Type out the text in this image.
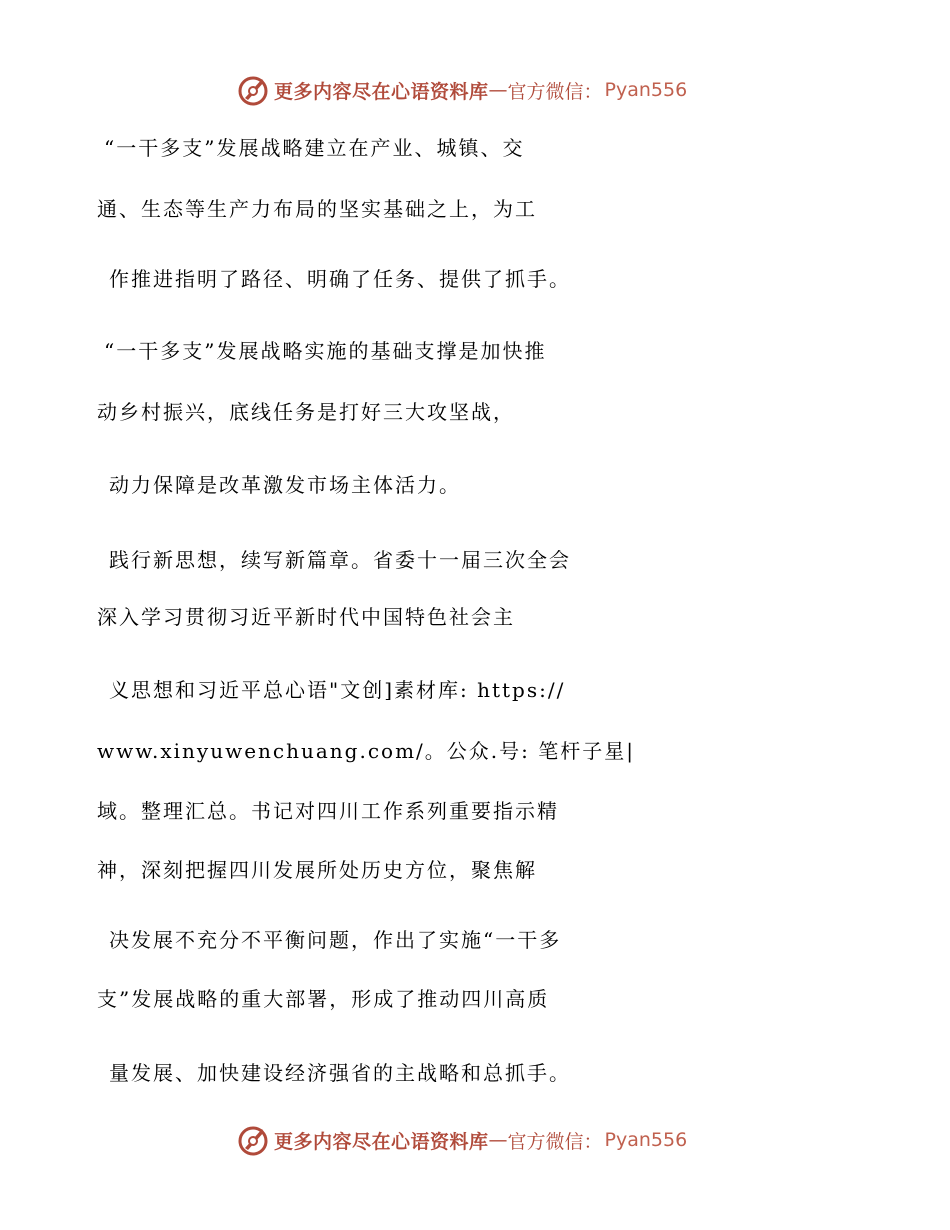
更多内容尽在心语资料库 — 官方微信： Pyan556
“一干多支”发展战略建立在产业、城镇、交
通、生态等生产力布局的坚实基础之上，为工
作推进指明了路径、明确了任务、提供了抓手。
“一干多支”发展战略实施的基础支撑是加快推
动乡村振兴，底线任务是打好三大攻坚战，
动力保障是改革激发市场主体活力。
践行新思想，续写新篇章。省委十一届三次全会
深入学习贯彻习近平新时代中国特色社会主
义思想和习近平总心语"文创]素材库: https://
www.xinyuwenchuang.com/。公众.号: 笔杆子星|
域。整理汇总。书记对四川工作系列重要指示精
神，深刻把握四川发展所处历史方位，聚焦解
决发展不充分不平衡问题，作出了实施“一干多
支”发展战略的重大部署，形成了推动四川高质
量发展、加快建设经济强省的主战略和总抓手。
更多内容尽在心语资料库 — 官方微信： Pyan556
